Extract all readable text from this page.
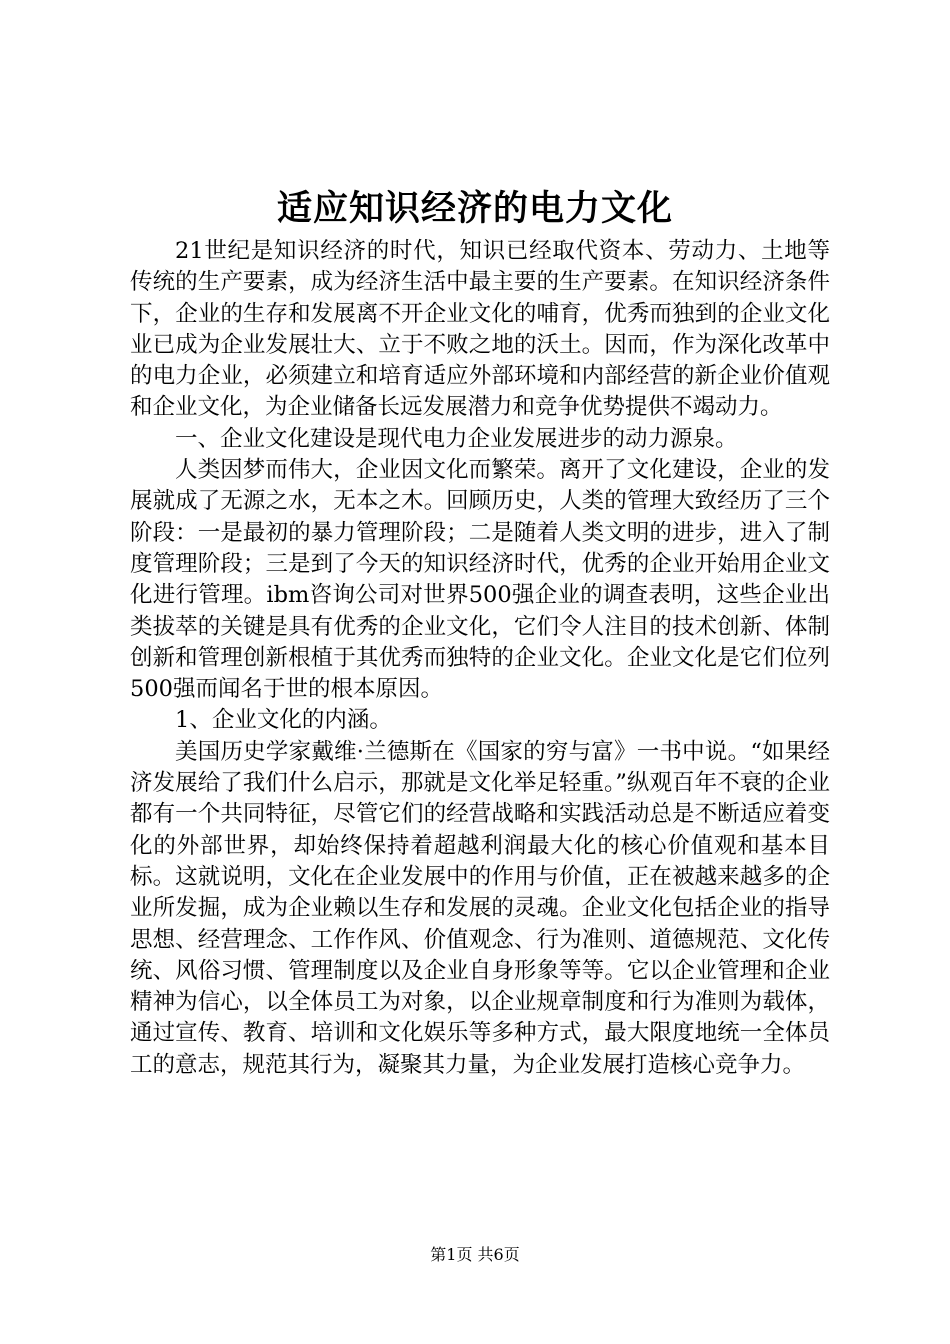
适应知识经济的电力文化

21世纪是知识经济的时代，知识已经取代资本、劳动力、土地等传统的生产要素，成为经济生活中最主要的生产要素。在知识经济条件下，企业的生存和发展离不开企业文化的哺育，优秀而独到的企业文化业已成为企业发展壮大、立于不败之地的沃土。因而，作为深化改革中的电力企业，必须建立和培育适应外部环境和内部经营的新企业价值观和企业文化，为企业储备长远发展潜力和竞争优势提供不竭动力。

一、企业文化建设是现代电力企业发展进步的动力源泉。

人类因梦而伟大，企业因文化而繁荣。离开了文化建设，企业的发展就成了无源之水，无本之木。回顾历史，人类的管理大致经历了三个阶段：一是最初的暴力管理阶段；二是随着人类文明的进步，进入了制度管理阶段；三是到了今天的知识经济时代，优秀的企业开始用企业文化进行管理。ibm咨询公司对世界500强企业的调查表明，这些企业出类拔萃的关键是具有优秀的企业文化，它们令人注目的技术创新、体制创新和管理创新根植于其优秀而独特的企业文化。企业文化是它们位列500强而闻名于世的根本原因。

1、企业文化的内涵。

美国历史学家戴维·兰德斯在《国家的穷与富》一书中说。“如果经济发展给了我们什么启示，那就是文化举足轻重。”纵观百年不衰的企业都有一个共同特征，尽管它们的经营战略和实践活动总是不断适应着变化的外部世界，却始终保持着超越利润最大化的核心价值观和基本目标。这就说明，文化在企业发展中的作用与价值，正在被越来越多的企业所发掘，成为企业赖以生存和发展的灵魂。企业文化包括企业的指导思想、经营理念、工作作风、价值观念、行为准则、道德规范、文化传统、风俗习惯、管理制度以及企业自身形象等等。它以企业管理和企业精神为信心，以全体员工为对象，以企业规章制度和行为准则为载体，通过宣传、教育、培训和文化娱乐等多种方式，最大限度地统一全体员工的意志，规范其行为，凝聚其力量，为企业发展打造核心竞争力。

第1页 共6页
